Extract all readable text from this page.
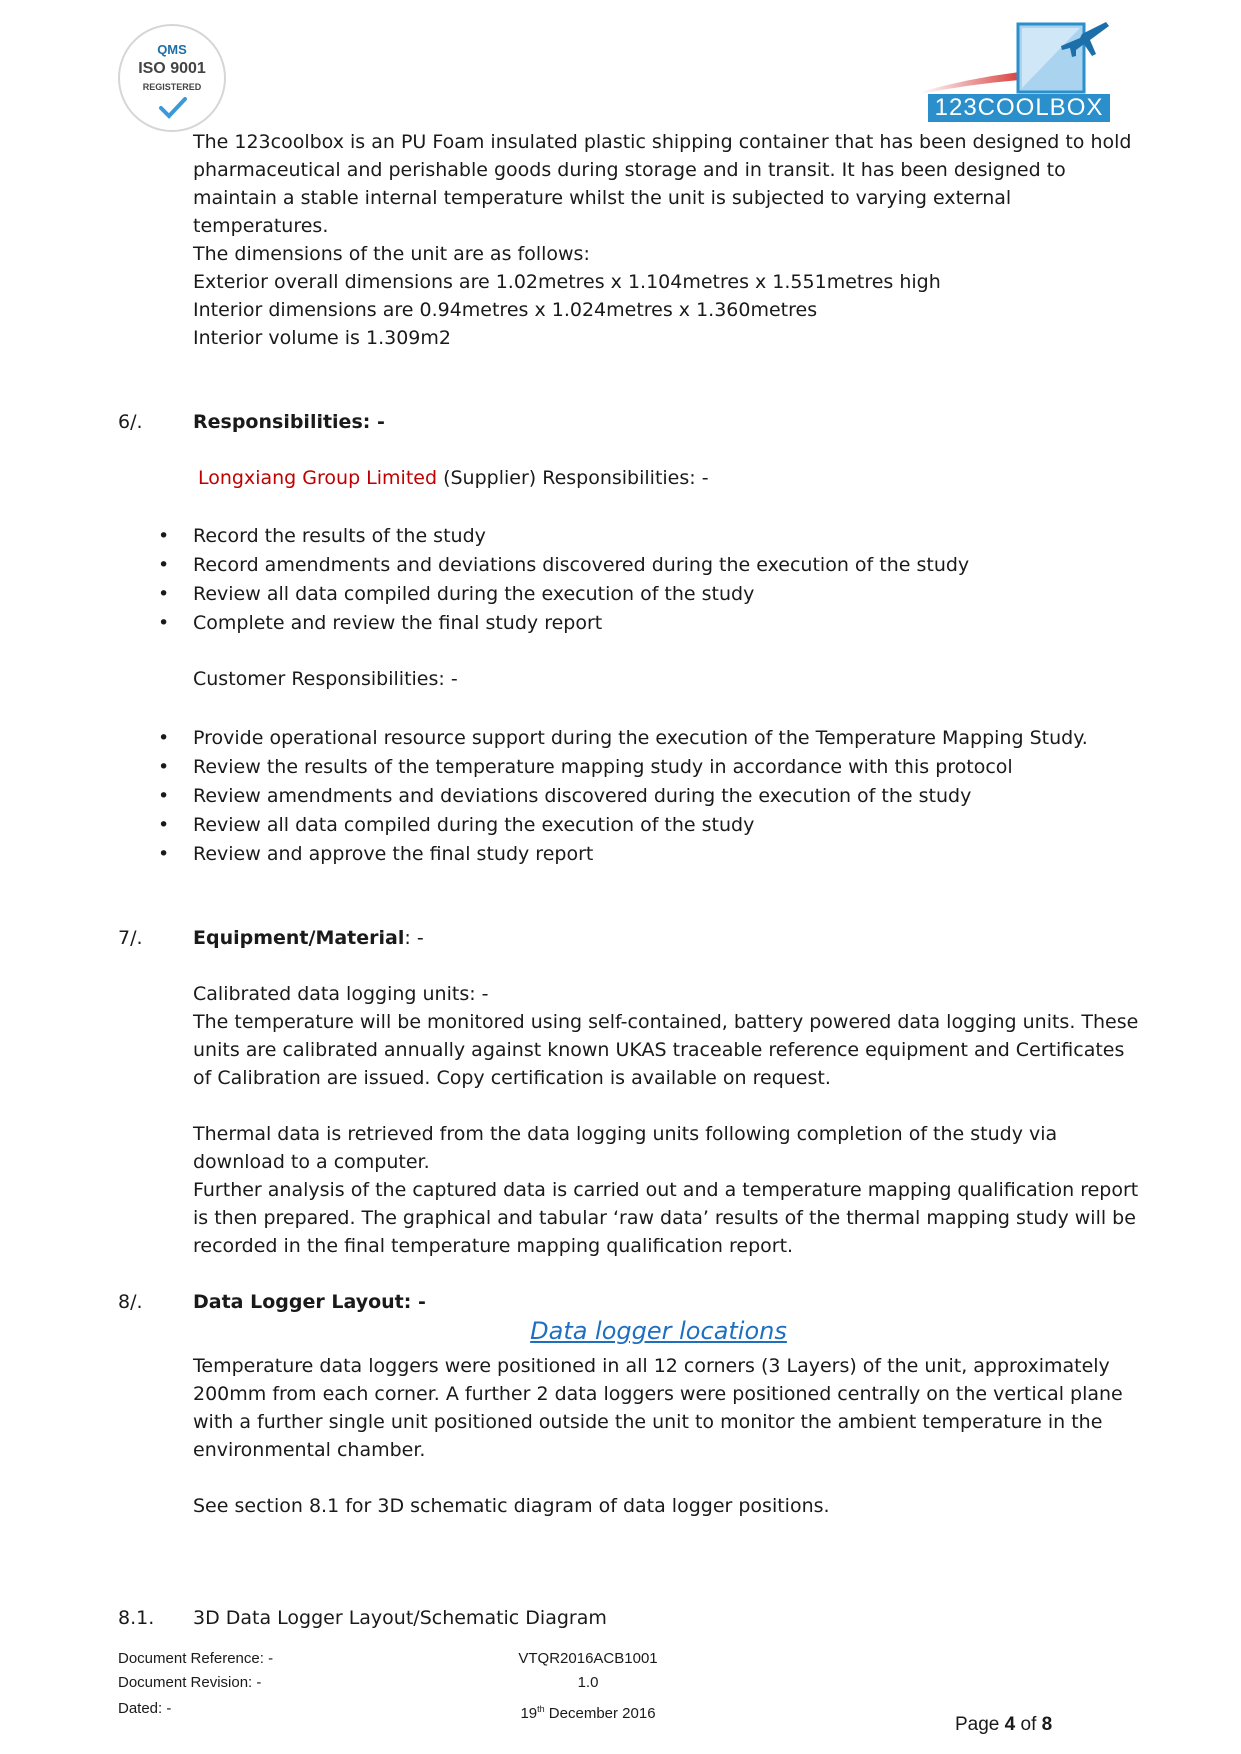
QMS
ISO 9001
REGISTERED
123COOLBOX
The 123coolbox is an PU Foam insulated plastic shipping container that has been designed to hold
pharmaceutical and perishable goods during storage and in transit. It has been designed to
maintain a stable internal temperature whilst the unit is subjected to varying external
temperatures.
The dimensions of the unit are as follows:
Exterior overall dimensions are 1.02metres x 1.104metres x 1.551metres high
Interior dimensions are 0.94metres x 1.024metres x 1.360metres
Interior volume is 1.309m2
6/.	Responsibilities: -
Longxiang Group Limited (Supplier) Responsibilities: -
• Record the results of the study
• Record amendments and deviations discovered during the execution of the study
• Review all data compiled during the execution of the study
• Complete and review the final study report
Customer Responsibilities: -
• Provide operational resource support during the execution of the Temperature Mapping Study.
• Review the results of the temperature mapping study in accordance with this protocol
• Review amendments and deviations discovered during the execution of the study
• Review all data compiled during the execution of the study
• Review and approve the final study report
7/.	Equipment/Material: -
Calibrated data logging units: -
The temperature will be monitored using self-contained, battery powered data logging units. These
units are calibrated annually against known UKAS traceable reference equipment and Certificates
of Calibration are issued. Copy certification is available on request.
Thermal data is retrieved from the data logging units following completion of the study via
download to a computer.
Further analysis of the captured data is carried out and a temperature mapping qualification report
is then prepared. The graphical and tabular ‘raw data’ results of the thermal mapping study will be
recorded in the final temperature mapping qualification report.
8/.	Data Logger Layout: -
Data logger locations
Temperature data loggers were positioned in all 12 corners (3 Layers) of the unit, approximately
200mm from each corner. A further 2 data loggers were positioned centrally on the vertical plane
with a further single unit positioned outside the unit to monitor the ambient temperature in the
environmental chamber.
See section 8.1 for 3D schematic diagram of data logger positions.
8.1. 3D Data Logger Layout/Schematic Diagram
Document Reference: -
Document Revision: -
Dated: -
VTQR2016ACB1001
1.0
19th December 2016
Page 4 of 8
